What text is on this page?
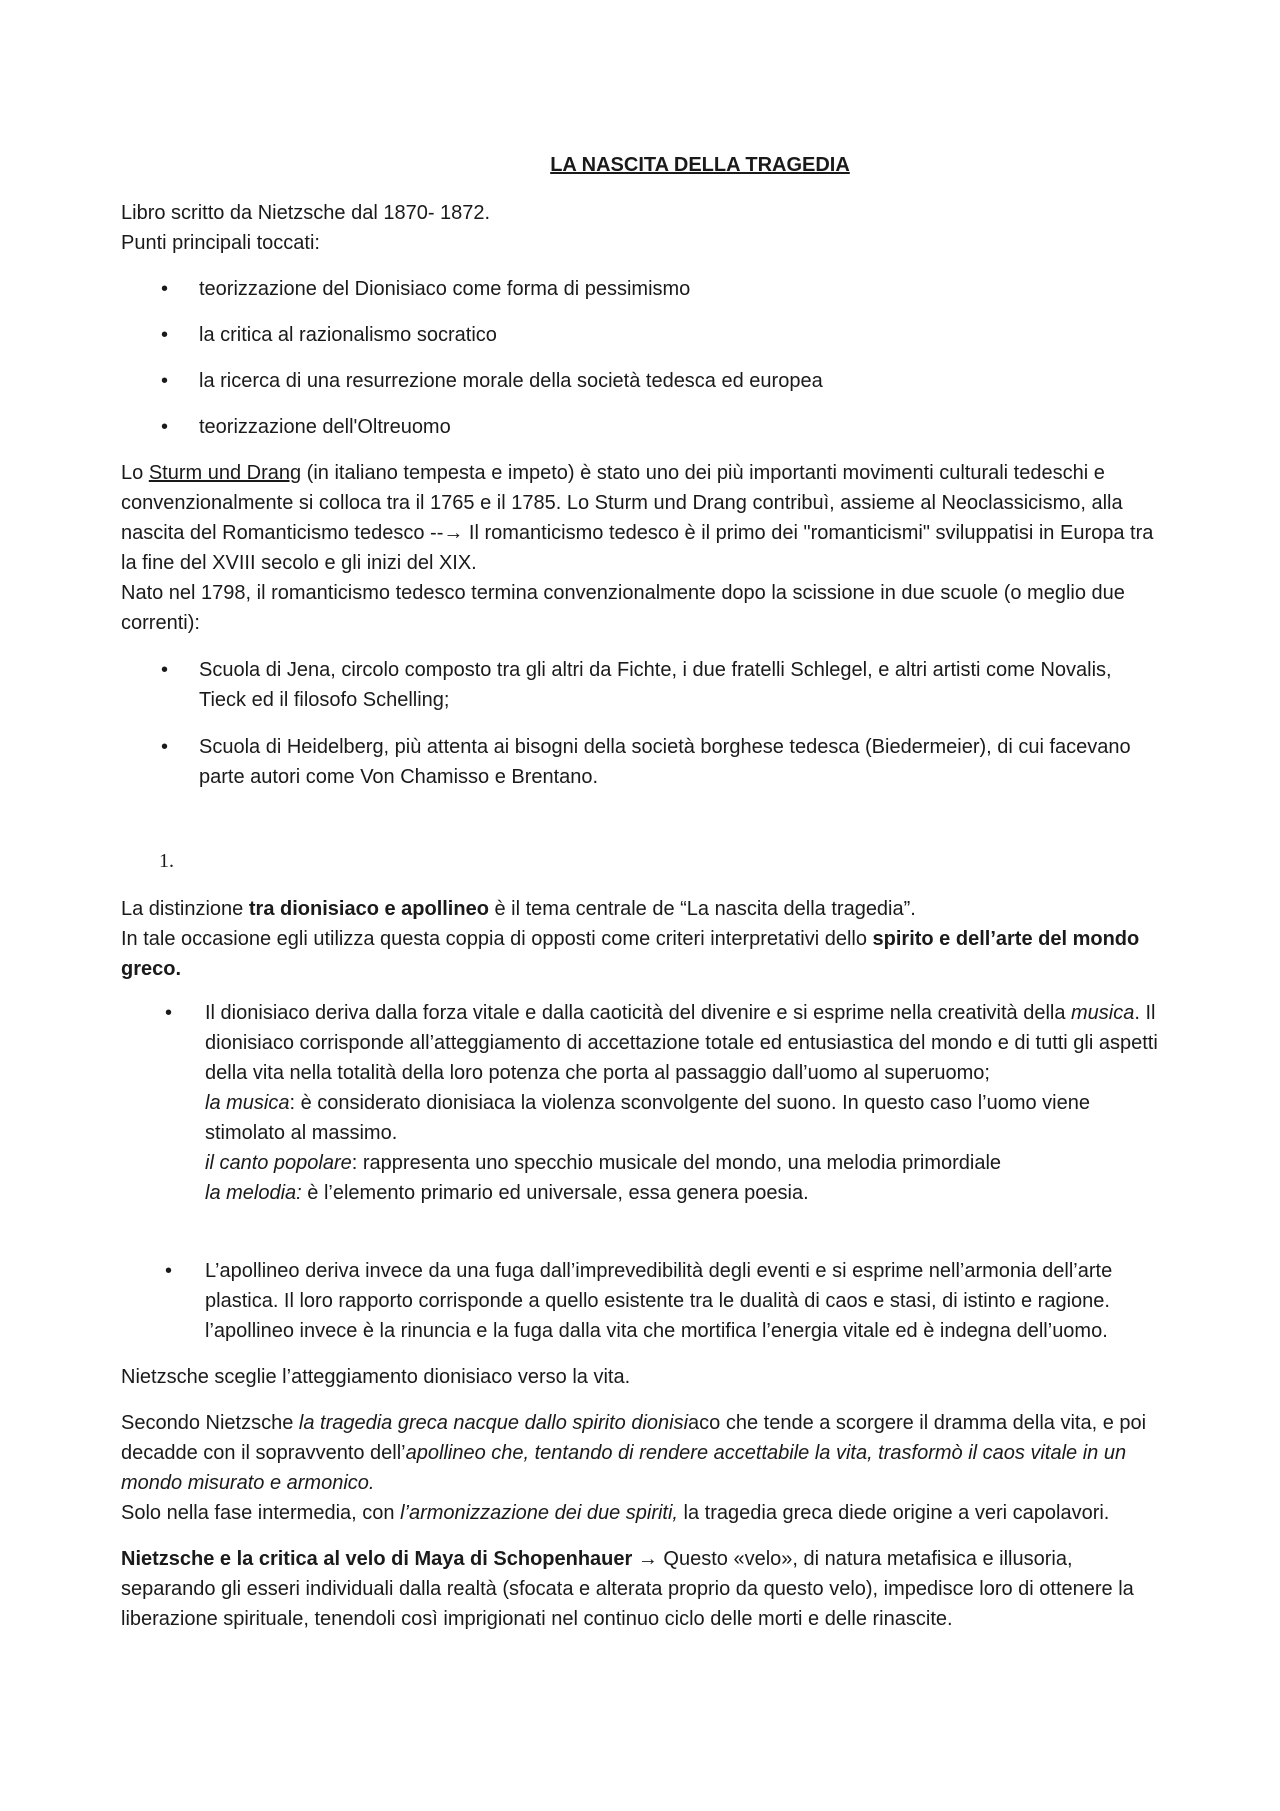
LA NASCITA DELLA TRAGEDIA

Libro scritto da Nietzsche dal 1870- 1872.

Punti principali toccati:

• teorizzazione del Dionisiaco come forma di pessimismo
• la critica al razionalismo socratico
• la ricerca di una resurrezione morale della società tedesca ed europea
• teorizzazione dell'Oltreuomo

Lo Sturm und Drang (in italiano tempesta e impeto) è stato uno dei più importanti movimenti culturali tedeschi e convenzionalmente si colloca tra il 1765 e il 1785. Lo Sturm und Drang contribuì, assieme al Neoclassicismo, alla nascita del Romanticismo tedesco --→ Il romanticismo tedesco è il primo dei "romanticismi" sviluppatisi in Europa tra la fine del XVIII secolo e gli inizi del XIX.

Nato nel 1798, il romanticismo tedesco termina convenzionalmente dopo la scissione in due scuole (o meglio due correnti):

• Scuola di Jena, circolo composto tra gli altri da Fichte, i due fratelli Schlegel, e altri artisti come Novalis, Tieck ed il filosofo Schelling;
• Scuola di Heidelberg, più attenta ai bisogni della società borghese tedesca (Biedermeier), di cui facevano parte autori come Von Chamisso e Brentano.
1.

La distinzione tra dionisiaco e apollineo è il tema centrale de “La nascita della tragedia”.

In tale occasione egli utilizza questa coppia di opposti come criteri interpretativi dello spirito e dell’arte del mondo greco.

• Il dionisiaco deriva dalla forza vitale e dalla caoticità del divenire e si esprime nella creatività della musica. Il dionisiaco corrisponde all’atteggiamento di accettazione totale ed entusiastica del mondo e di tutti gli aspetti della vita nella totalità della loro potenza che porta al passaggio dall’uomo al superuomo;
la musica: è considerato dionisiaca la violenza sconvolgente del suono. In questo caso l’uomo viene stimolato al massimo.
il canto popolare: rappresenta uno specchio musicale del mondo, una melodia primordiale
la melodia: è l’elemento primario ed universale, essa genera poesia.
• L’apollineo deriva invece da una fuga dall’imprevedibilità degli eventi e si esprime nell’armonia dell’arte plastica. Il loro rapporto corrisponde a quello esistente tra le dualità di caos e stasi, di istinto e ragione. l’apollineo invece è la rinuncia e la fuga dalla vita che mortifica l’energia vitale ed è indegna dell’uomo.

Nietzsche sceglie l’atteggiamento dionisiaco verso la vita.

Secondo Nietzsche la tragedia greca nacque dallo spirito dionisiaco che tende a scorgere il dramma della vita, e poi decadde con il sopravvento dell’apollineo che, tentando di rendere accettabile la vita, trasformò il caos vitale in un mondo misurato e armonico.

Solo nella fase intermedia, con l’armonizzazione dei due spiriti, la tragedia greca diede origine a veri capolavori.

Nietzsche e la critica al velo di Maya di Schopenhauer → Questo «velo», di natura metafisica e illusoria, separando gli esseri individuali dalla realtà (sfocata e alterata proprio da questo velo), impedisce loro di ottenere la liberazione spirituale, tenendoli così imprigionati nel continuo ciclo delle morti e delle rinascite.
